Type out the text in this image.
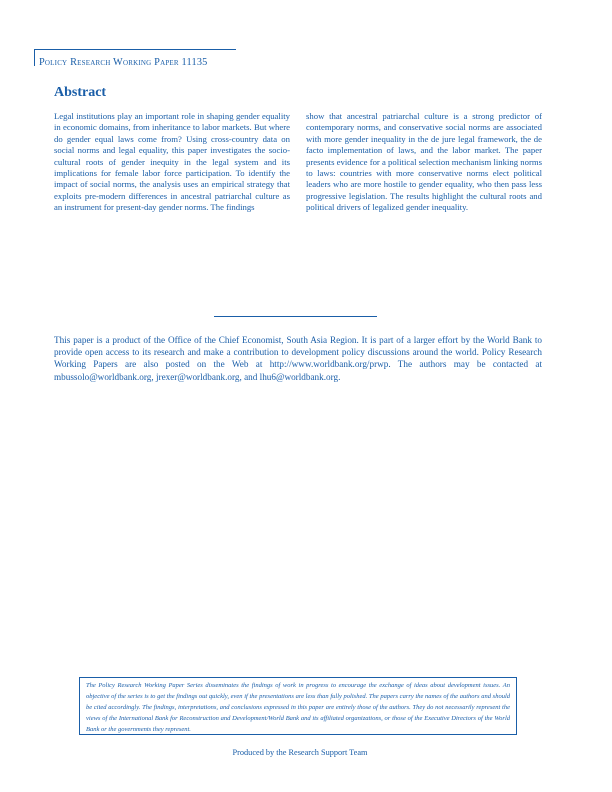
Policy Research Working Paper 11135
Abstract

Legal institutions play an important role in shaping gender equality in economic domains, from inheritance to labor markets. But where do gender equal laws come from? Using cross-country data on social norms and legal equality, this paper investigates the socio- cultural roots of gender inequity in the legal system and its implications for female labor force participation. To identify the impact of social norms, the analysis uses an empirical strategy that exploits pre-modern differences in ancestral patriarchal culture as an instrument for present-day gender norms. The findings

show that ancestral patriarchal culture is a strong predictor of contemporary norms, and conservative social norms are associated with more gender inequality in the de jure legal framework, the de facto implementation of laws, and the labor market. The paper presents evidence for a political selection mechanism linking norms to laws: countries with more conservative norms elect political leaders who are more hostile to gender equality, who then pass less progressive legislation. The results highlight the cultural roots and political drivers of legalized gender inequality.

This paper is a product of the Office of the Chief Economist, South Asia Region. It is part of a larger effort by the World Bank to provide open access to its research and make a contribution to development policy discussions around the world. Policy Research Working Papers are also posted on the Web at http://www.worldbank.org/prwp. The authors may be contacted at mbussolo@worldbank.org, jrexer@worldbank.org, and lhu6@worldbank.org.

The Policy Research Working Paper Series disseminates the findings of work in progress to encourage the exchange of ideas about development issues. An objective of the series is to get the findings out quickly, even if the presentations are less than fully polished. The papers carry the names of the authors and should be cited accordingly. The findings, interpretations, and conclusions expressed in this paper are entirely those of the authors. They do not necessarily represent the views of the International Bank for Reconstruction and Development/World Bank and its affiliated organizations, or those of the Executive Directors of the World Bank or the governments they represent.
Produced by the Research Support Team
